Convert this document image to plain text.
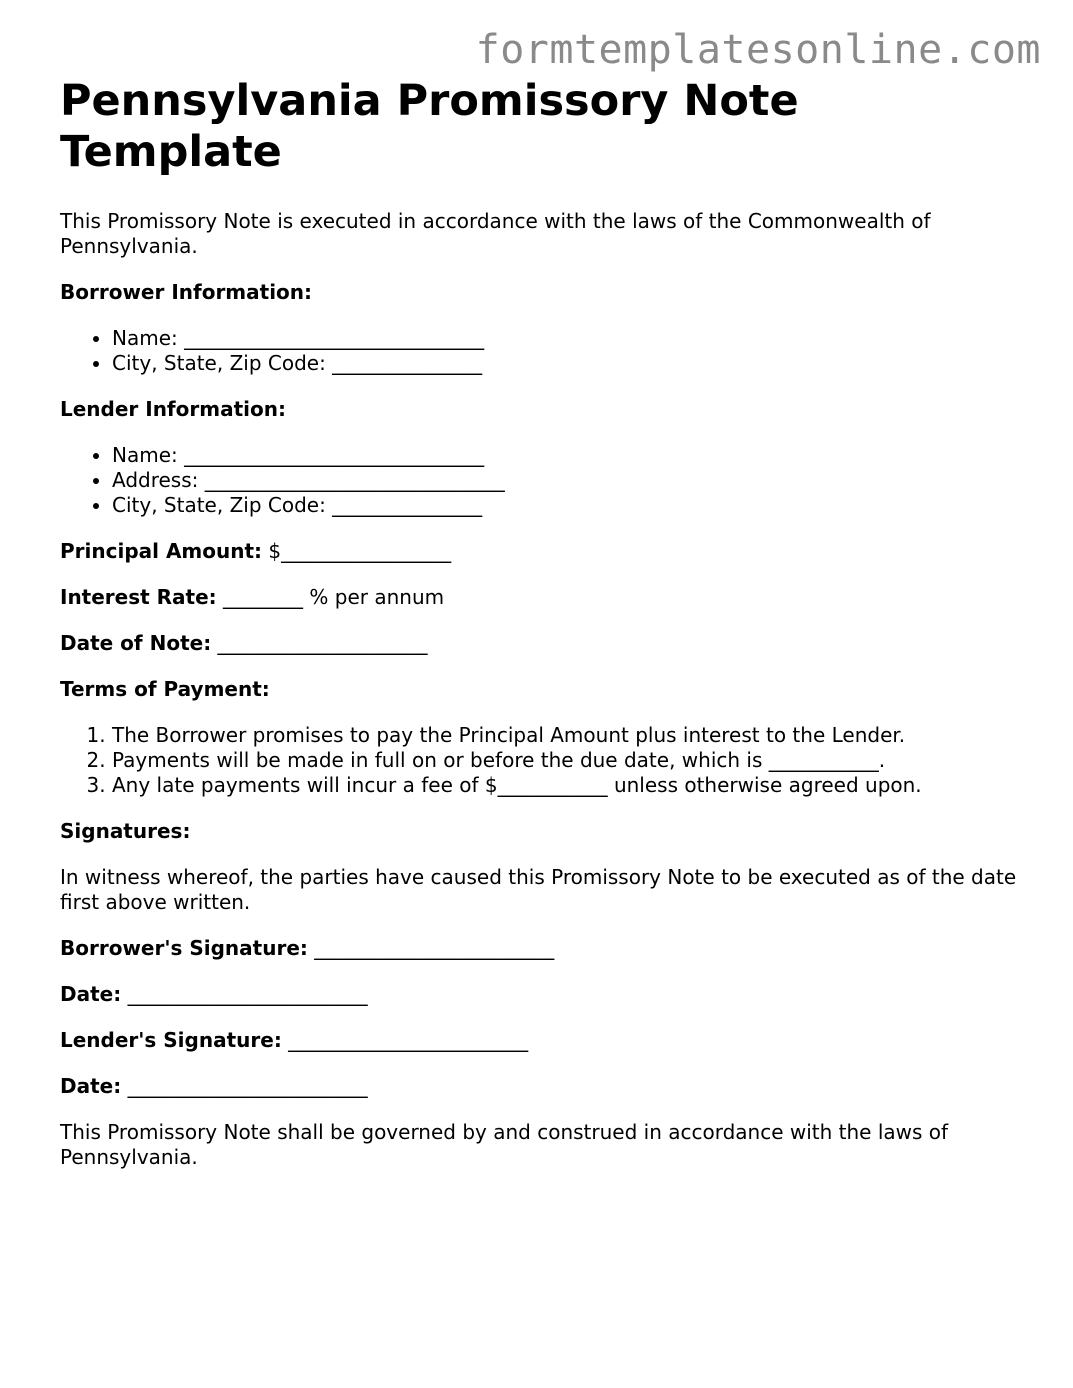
formtemplatesonline.com
Pennsylvania Promissory Note Template

This Promissory Note is executed in accordance with the laws of the Commonwealth of Pennsylvania.

Borrower Information:

• Name: ______________________________
• City, State, Zip Code: _______________

Lender Information:

• Name: ______________________________
• Address: ______________________________
• City, State, Zip Code: _______________

Principal Amount: $_________________

Interest Rate: ________ % per annum

Date of Note: _____________________

Terms of Payment:

1. The Borrower promises to pay the Principal Amount plus interest to the Lender.
2. Payments will be made in full on or before the due date, which is ___________.
3. Any late payments will incur a fee of $___________ unless otherwise agreed upon.

Signatures:

In witness whereof, the parties have caused this Promissory Note to be executed as of the date first above written.

Borrower's Signature: ________________________

Date: ________________________

Lender's Signature: ________________________

Date: ________________________

This Promissory Note shall be governed by and construed in accordance with the laws of Pennsylvania.
